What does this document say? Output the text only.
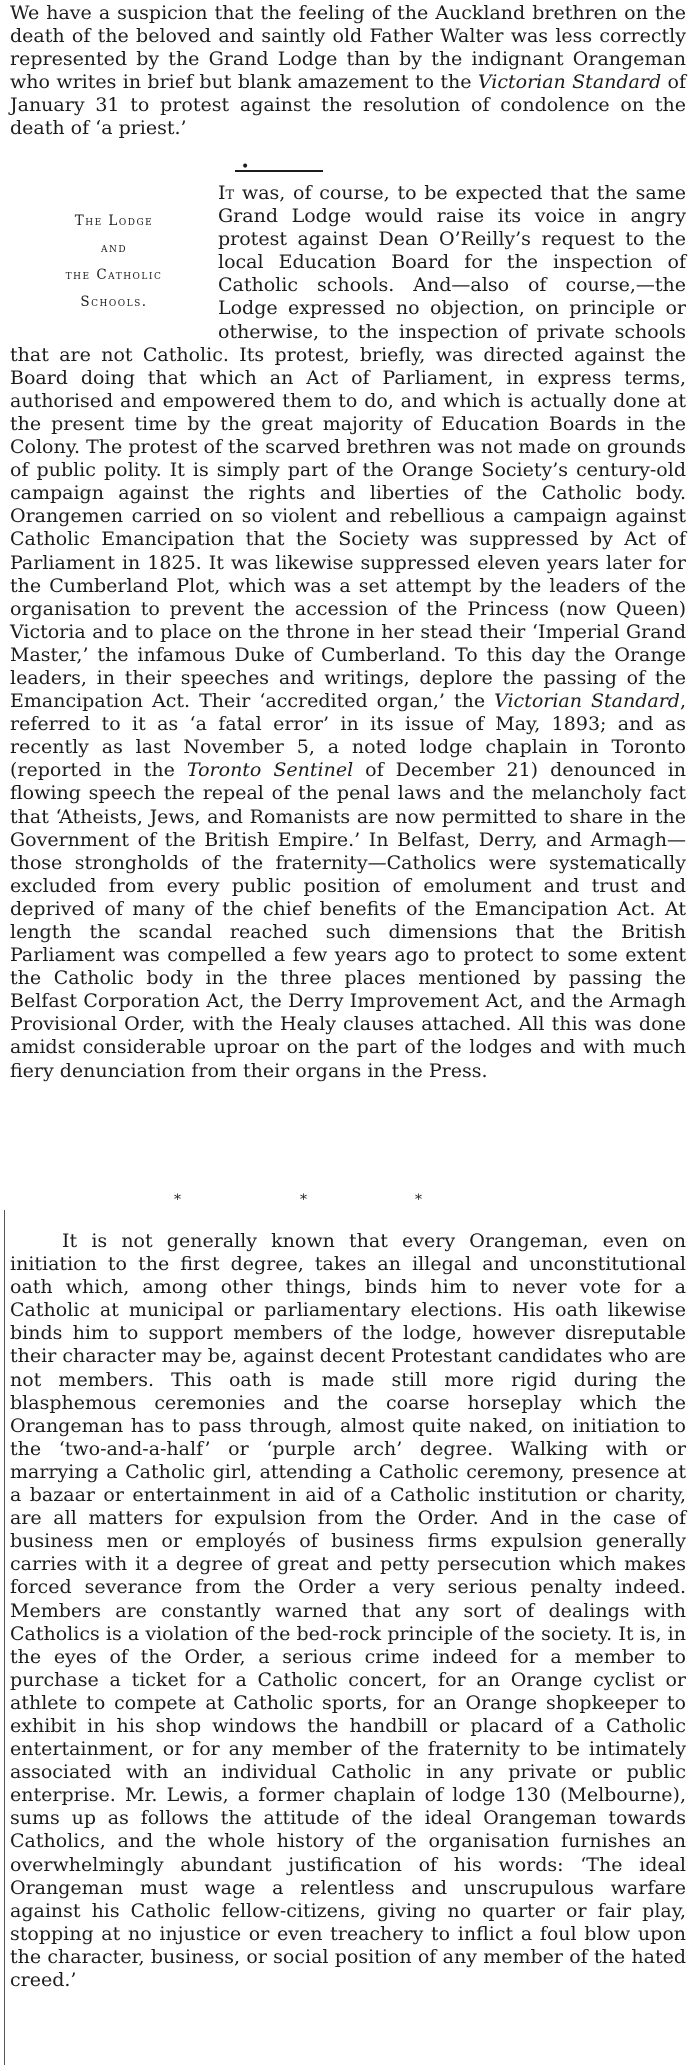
We have a suspicion that the feeling of the Auckland brethren on the death of the beloved and saintly old Father Walter was less correctly represented by the Grand Lodge than by the indignant Orangeman who writes in brief but blank amazement to the Victorian Standard of January 31 to protest against the resolution of condolence on the death of ‘a priest.’

•
The Lodge
and
the Catholic
Schools.
It was, of course, to be expected that the same Grand Lodge would raise its voice in angry protest against Dean O’Reilly’s request to the local Education Board for the inspection of Catholic schools. And—also of course,—the Lodge expressed no objection, on principle or otherwise, to the inspection of private schools that are not Catholic. Its protest, briefly, was directed against the Board doing that which an Act of Parliament, in express terms, authorised and empowered them to do, and which is actually done at the present time by the great majority of Education Boards in the Colony. The protest of the scarved brethren was not made on grounds of public polity. It is simply part of the Orange Society’s century-old campaign against the rights and liberties of the Catholic body. Orangemen carried on so violent and rebellious a campaign against Catholic Emancipation that the Society was suppressed by Act of Parliament in 1825. It was likewise suppressed eleven years later for the Cumberland Plot, which was a set attempt by the leaders of the organisation to prevent the accession of the Princess (now Queen) Victoria and to place on the throne in her stead their ‘Imperial Grand Master,’ the infamous Duke of Cumberland. To this day the Orange leaders, in their speeches and writings, deplore the passing of the Emancipation Act. Their ‘accredited organ,’ the Victorian Standard, referred to it as ‘a fatal error’ in its issue of May, 1893; and as recently as last November 5, a noted lodge chaplain in Toronto (reported in the Toronto Sentinel of December 21) denounced in flowing speech the repeal of the penal laws and the melancholy fact that ‘Atheists, Jews, and Romanists are now permitted to share in the Government of the British Empire.’ In Belfast, Derry, and Armagh—those strongholds of the fraternity—Catholics were systematically excluded from every public position of emolument and trust and deprived of many of the chief benefits of the Emancipation Act. At length the scandal reached such dimensions that the British Parliament was compelled a few years ago to protect to some extent the Catholic body in the three places mentioned by passing the Belfast Corporation Act, the Derry Improvement Act, and the Armagh Provisional Order, with the Healy clauses attached. All this was done amidst considerable uproar on the part of the lodges and with much fiery denunciation from their organs in the Press.
*	*	*

It is not generally known that every Orangeman, even on initiation to the first degree, takes an illegal and unconstitutional oath which, among other things, binds him to never vote for a Catholic at municipal or parliamentary elections. His oath likewise binds him to support members of the lodge, however disreputable their character may be, against decent Protestant candidates who are not members. This oath is made still more rigid during the blasphemous ceremonies and the coarse horseplay which the Orangeman has to pass through, almost quite naked, on initiation to the ‘two-and-a-half’ or ‘purple arch’ degree. Walking with or marrying a Catholic girl, attending a Catholic ceremony, presence at a bazaar or entertainment in aid of a Catholic institution or charity, are all matters for expulsion from the Order. And in the case of business men or employés of business firms expulsion generally carries with it a degree of great and petty persecution which makes forced severance from the Order a very serious penalty indeed. Members are constantly warned that any sort of dealings with Catholics is a violation of the bed-rock principle of the society. It is, in the eyes of the Order, a serious crime indeed for a member to purchase a ticket for a Catholic concert, for an Orange cyclist or athlete to compete at Catholic sports, for an Orange shopkeeper to exhibit in his shop windows the handbill or placard of a Catholic entertainment, or for any member of the fraternity to be intimately associated with an individual Catholic in any private or public enterprise. Mr. Lewis, a former chaplain of lodge 130 (Melbourne), sums up as follows the attitude of the ideal Orangeman towards Catholics, and the whole history of the organisation furnishes an overwhelmingly abundant justification of his words: ‘The ideal Orangeman must wage a relentless and unscrupulous warfare against his Catholic fellow-citizens, giving no quarter or fair play, stopping at no injustice or even treachery to inflict a foul blow upon the character, business, or social position of any member of the hated creed.’
